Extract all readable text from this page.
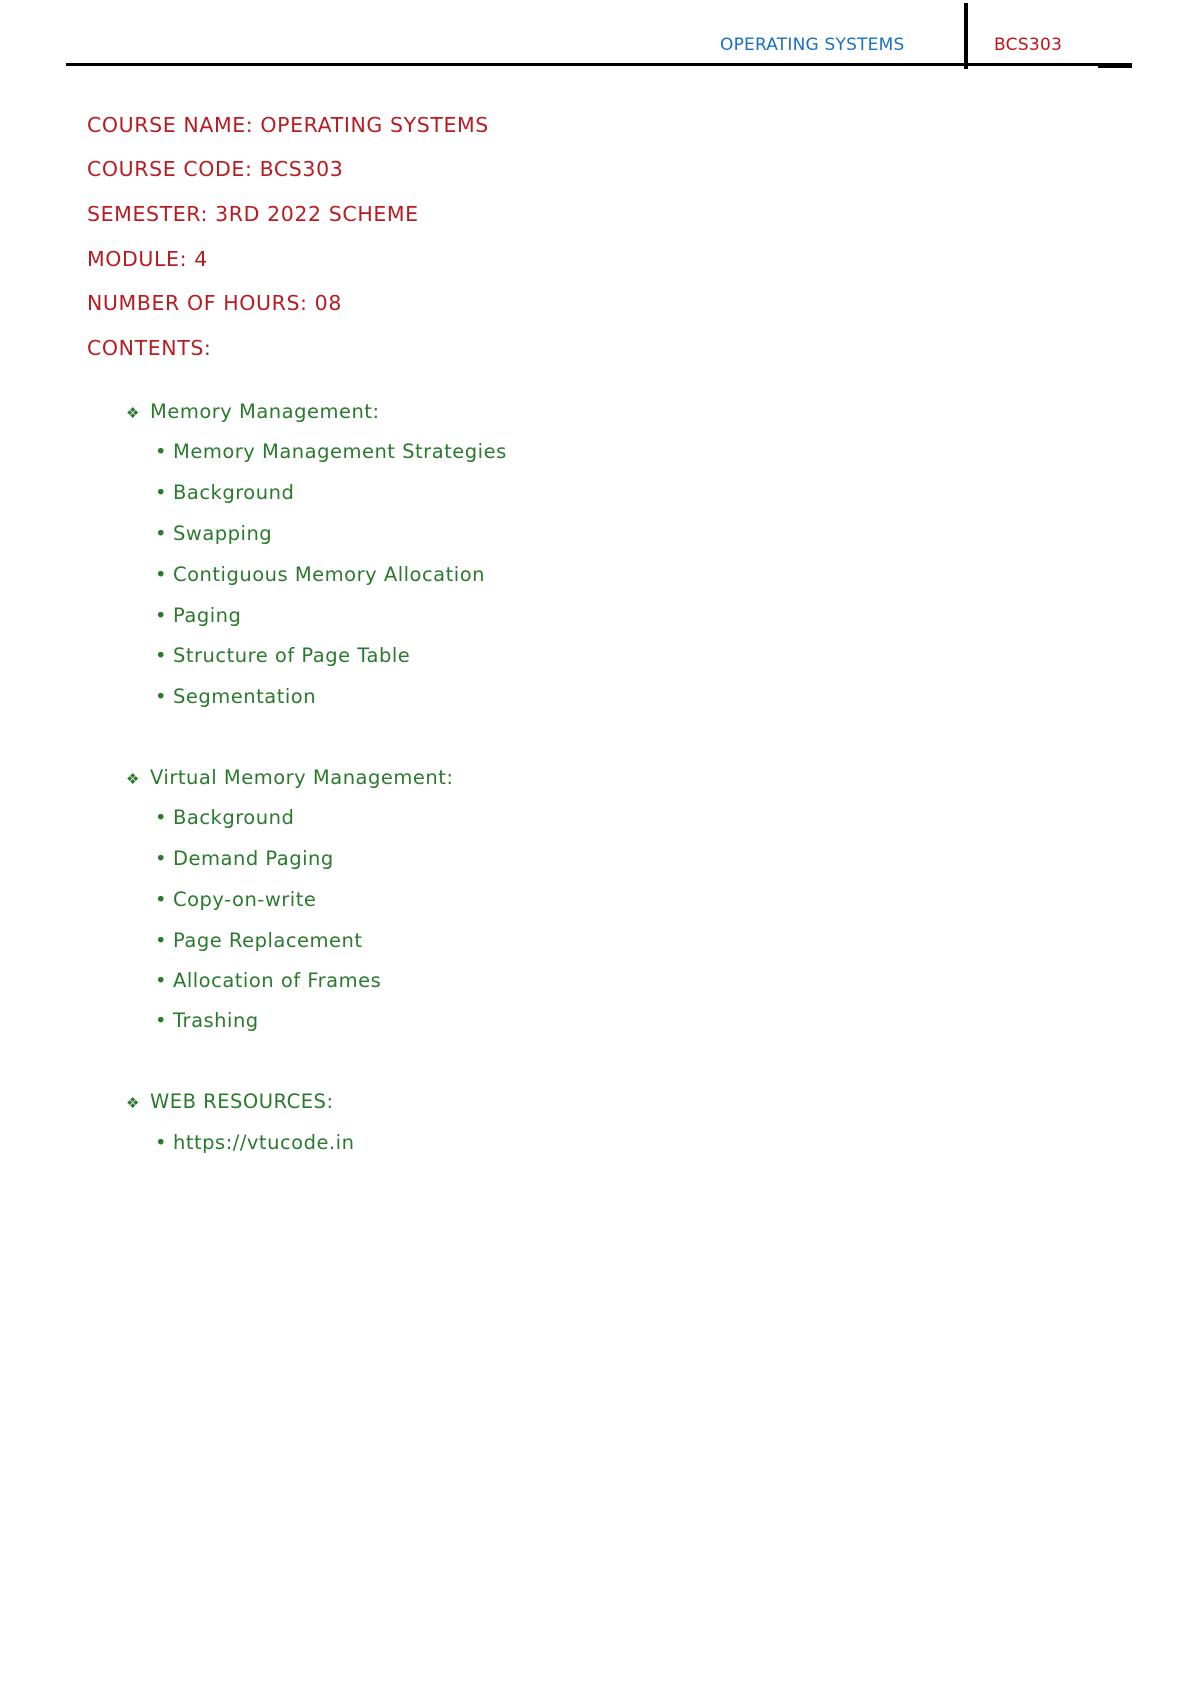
OPERATING SYSTEMS	BCS303
COURSE NAME: OPERATING SYSTEMS
COURSE CODE: BCS303
SEMESTER: 3RD 2022 SCHEME
MODULE: 4
NUMBER OF HOURS: 08
CONTENTS:
❖ Memory Management:
• Memory Management Strategies
• Background
• Swapping
• Contiguous Memory Allocation
• Paging
• Structure of Page Table
• Segmentation
❖ Virtual Memory Management:
• Background
• Demand Paging
• Copy-on-write
• Page Replacement
• Allocation of Frames
• Trashing
❖ WEB RESOURCES:
• https://vtucode.in
